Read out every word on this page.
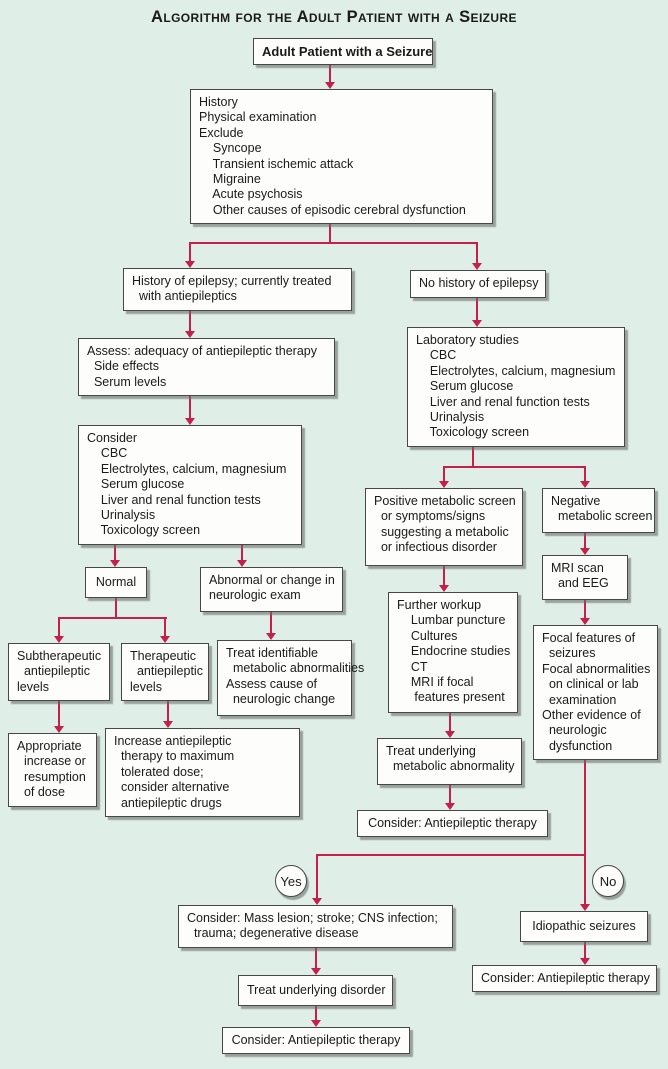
Algorithm for the Adult Patient with a Seizure
Adult Patient with a Seizure
History
Physical examination
Exclude
Syncope
Transient ischemic attack
Migraine
Acute psychosis
Other causes of episodic cerebral dysfunction
History of epilepsy; currently treated
with antiepileptics
No history of epilepsy
Assess: adequacy of antiepileptic therapy
Side effects
Serum levels
Consider
CBC
Electrolytes, calcium, magnesium
Serum glucose
Liver and renal function tests
Urinalysis
Toxicology screen
Normal	Abnormal or change in
neurologic exam
Subtherapeutic
antiepileptic
levels
Therapeutic
antiepileptic
levels
Treat identifiable
metabolic abnormalities
Assess cause of
neurologic change
Appropriate
increase or
resumption
of dose
Increase antiepileptic
therapy to maximum
tolerated dose;
consider alternative
antiepileptic drugs
Laboratory studies
CBC
Electrolytes, calcium, magnesium
Serum glucose
Liver and renal function tests
Urinalysis
Toxicology screen
Positive metabolic screen
or symptoms/signs
suggesting a metabolic
or infectious disorder
Negative
metabolic screen
MRI scan
and EEG
Further workup
Lumbar puncture
Cultures
Endocrine studies
CT
MRI if focal
features present
Focal features of
seizures
Focal abnormalities
on clinical or lab
examination
Other evidence of
neurologic
dysfunction
Treat underlying
metabolic abnormality
Consider: Antiepileptic therapy
Yes	No
Consider: Mass lesion; stroke; CNS infection;
trauma; degenerative disease
Idiopathic seizures
Treat underlying disorder
Consider: Antiepileptic therapy
Consider: Antiepileptic therapy
